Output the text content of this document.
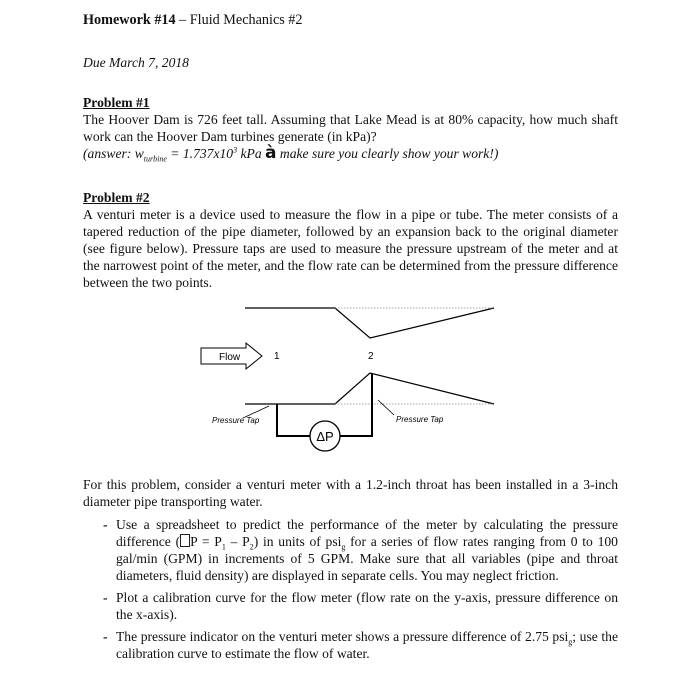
Homework #14 – Fluid Mechanics #2
Due March 7, 2018
Problem #1
The Hoover Dam is 726 feet tall. Assuming that Lake Mead is at 80% capacity, how much shaft work can the Hoover Dam turbines generate (in kPa)?
(answer: $w_{turbine} = 1.737x10^3$ kPa à make sure you clearly show your work!)
Problem #2
A venturi meter is a device used to measure the flow in a pipe or tube. The meter consists of a tapered reduction of the pipe diameter, followed by an expansion back to the original diameter (see figure below). Pressure taps are used to measure the pressure upstream of the meter and at the narrowest point of the meter, and the flow rate can be determined from the pressure difference between the two points.
For this problem, consider a venturi meter with a 1.2-inch throat has been installed in a 3-inch diameter pipe transporting water.
- Use a spreadsheet to predict the performance of the meter by calculating the pressure difference ( $P = P_1 - P_2$) in units of psi$_g$ for a series of flow rates ranging from 0 to 100 gal/min (GPM) in increments of 5 GPM. Make sure that all variables (pipe and throat diameters, fluid density) are displayed in separate cells. You may neglect friction.
- Plot a calibration curve for the flow meter (flow rate on the y-axis, pressure difference on the x-axis).
- The pressure indicator on the venturi meter shows a pressure difference of 2.75 psi$_g$; use the calibration curve to estimate the flow of water.
Flow	1	2
ΔP
Pressure Tap	Pressure Tap
